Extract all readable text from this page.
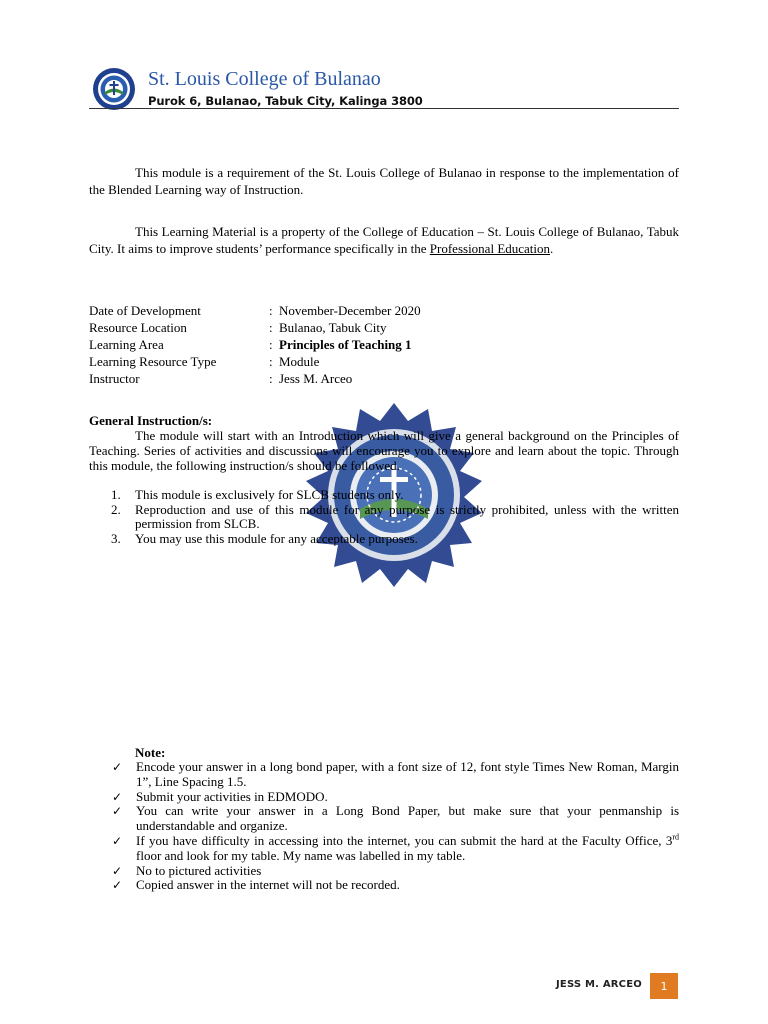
St. Louis College of Bulanao
Purok 6, Bulanao, Tabuk City, Kalinga 3800
This module is a requirement of the St. Louis College of Bulanao in response to the implementation of the Blended Learning way of Instruction.
This Learning Material is a property of the College of Education – St. Louis College of Bulanao, Tabuk City. It aims to improve students’ performance specifically in the Professional Education.
Date of Development	: November-December 2020
Resource Location	: Bulanao, Tabuk City
Learning Area	: Principles of Teaching 1
Learning Resource Type	: Module
Instructor	: Jess M. Arceo
General Instruction/s:
The module will start with an Introduction which will give a general background on the Principles of Teaching. Series of activities and discussions will encourage you to explore and learn about the topic. Through this module, the following instruction/s should be followed.
1.	This module is exclusively for SLCB students only.
2.	Reproduction and use of this module for any purpose is strictly prohibited, unless with the written permission from SLCB.
3.	You may use this module for any acceptable purposes.
Note:
✓	Encode your answer in a long bond paper, with a font size of 12, font style Times New Roman, Margin 1”, Line Spacing 1.5.
✓	Submit your activities in EDMODO.
✓	You can write your answer in a Long Bond Paper, but make sure that your penmanship is understandable and organize.
✓	If you have difficulty in accessing into the internet, you can submit the hard at the Faculty Office, 3rd floor and look for my table. My name was labelled in my table.
✓	No to pictured activities
✓	Copied answer in the internet will not be recorded.
JESS M. ARCEO	1
